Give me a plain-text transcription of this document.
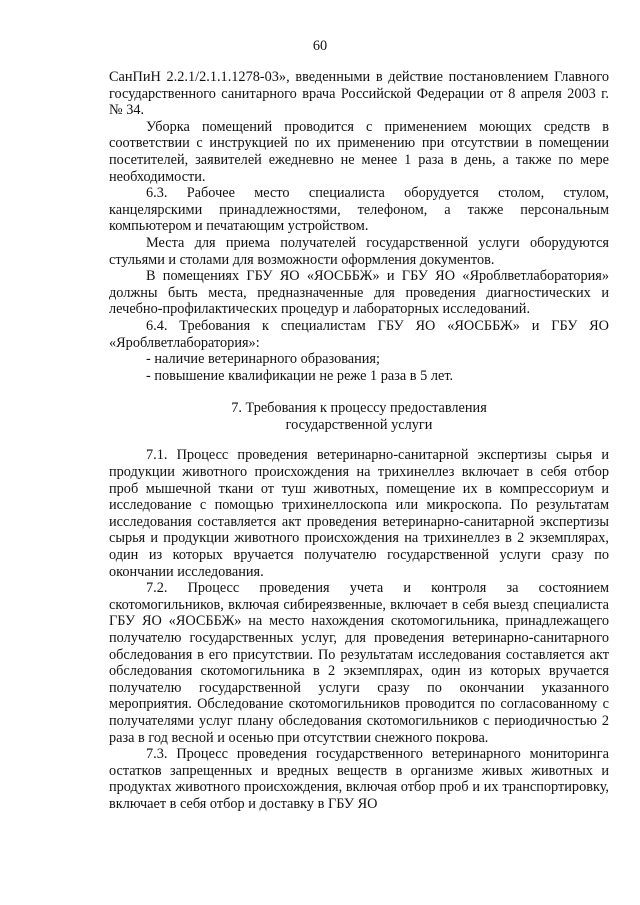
60

СанПиН 2.2.1/2.1.1.1278-03», введенными в действие постановлением Главного государственного санитарного врача Российской Федерации от 8 апреля 2003 г. № 34.

Уборка помещений проводится с применением моющих средств в соответствии с инструкцией по их применению при отсутствии в помещении посетителей, заявителей ежедневно не менее 1 раза в день, а также по мере необходимости.

6.3. Рабочее место специалиста оборудуется столом, стулом, канцелярскими принадлежностями, телефоном, а также персональным компьютером и печатающим устройством.

Места для приема получателей государственной услуги оборудуются стульями и столами для возможности оформления документов.

В помещениях ГБУ ЯО «ЯОСББЖ» и ГБУ ЯО «Яроблветлаборатория» должны быть места, предназначенные для проведения диагностических и лечебно-профилактических процедур и лабораторных исследований.

6.4. Требования к специалистам ГБУ ЯО «ЯОСББЖ» и ГБУ ЯО «Яроблветлаборатория»:

- наличие ветеринарного образования;

- повышение квалификации не реже 1 раза в 5 лет.

7. Требования к процессу предоставления
государственной услуги

7.1. Процесс проведения ветеринарно-санитарной экспертизы сырья и продукции животного происхождения на трихинеллез включает в себя отбор проб мышечной ткани от туш животных, помещение их в компрессориум и исследование с помощью трихинеллоскопа или микроскопа. По результатам исследования составляется акт проведения ветеринарно-санитарной экспертизы сырья и продукции животного происхождения на трихинеллез в 2 экземплярах, один из которых вручается получателю государственной услуги сразу по окончании исследования.

7.2. Процесс проведения учета и контроля за состоянием скотомогильников, включая сибиреязвенные, включает в себя выезд специалиста ГБУ ЯО «ЯОСББЖ» на место нахождения скотомогильника, принадлежащего получателю государственных услуг, для проведения ветеринарно-санитарного обследования в его присутствии. По результатам исследования составляется акт обследования скотомогильника в 2 экземплярах, один из которых вручается получателю государственной услуги сразу по окончании указанного мероприятия. Обследование скотомогильников проводится по согласованному с получателями услуг плану обследования скотомогильников с периодичностью 2 раза в год весной и осенью при отсутствии снежного покрова.

7.3. Процесс проведения государственного ветеринарного мониторинга остатков запрещенных и вредных веществ в организме живых животных и продуктах животного происхождения, включая отбор проб и их транспортировку, включает в себя отбор и доставку в ГБУ ЯО
